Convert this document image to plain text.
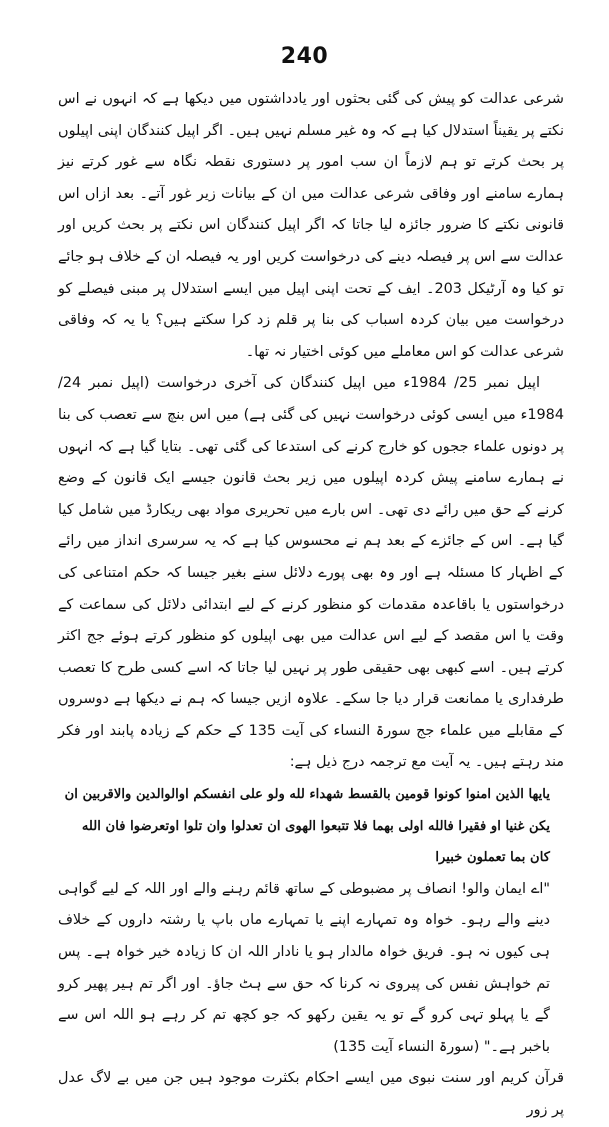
240

شرعی عدالت کو پیش کی گئی بحثوں اور یادداشتوں میں دیکھا ہے کہ انہوں نے اس نکتے پر یقیناً استدلال کیا ہے کہ وہ غیر مسلم نہیں ہیں۔ اگر اپیل کنندگان اپنی اپیلوں پر بحث کرتے تو ہم لازماً ان سب امور پر دستوری نقطہ نگاہ سے غور کرتے نیز ہمارے سامنے اور وفاقی شرعی عدالت میں ان کے بیانات زیر غور آتے۔ بعد ازاں اس قانونی نکتے کا ضرور جائزہ لیا جاتا کہ اگر اپیل کنندگان اس نکتے پر بحث کریں اور عدالت سے اس پر فیصلہ دینے کی درخواست کریں اور یہ فیصلہ ان کے خلاف ہو جائے تو کیا وہ آرٹیکل 203۔ ایف کے تحت اپنی اپیل میں ایسے استدلال پر مبنی فیصلے کو درخواست میں بیان کردہ اسباب کی بنا پر قلم زد کرا سکتے ہیں؟ یا یہ کہ وفاقی شرعی عدالت کو اس معاملے میں کوئی اختیار نہ تھا۔

اپیل نمبر 25/ 1984ء میں اپیل کنندگان کی آخری درخواست (اپیل نمبر 24/ 1984ء میں ایسی کوئی درخواست نہیں کی گئی ہے) میں اس بنچ سے تعصب کی بنا پر دونوں علماء ججوں کو خارج کرنے کی استدعا کی گئی تھی۔ بتایا گیا ہے کہ انہوں نے ہمارے سامنے پیش کردہ اپیلوں میں زیر بحث قانون جیسے ایک قانون کے وضع کرنے کے حق میں رائے دی تھی۔ اس بارے میں تحریری مواد بھی ریکارڈ میں شامل کیا گیا ہے۔ اس کے جائزے کے بعد ہم نے محسوس کیا ہے کہ یہ سرسری انداز میں رائے کے اظہار کا مسئلہ ہے اور وہ بھی پورے دلائل سنے بغیر جیسا کہ حکم امتناعی کی درخواستوں یا باقاعدہ مقدمات کو منظور کرنے کے لیے ابتدائی دلائل کی سماعت کے وقت یا اس مقصد کے لیے اس عدالت میں بھی اپیلوں کو منظور کرتے ہوئے جج اکثر کرتے ہیں۔ اسے کبھی بھی حقیقی طور پر نہیں لیا جاتا کہ اسے کسی طرح کا تعصب طرفداری یا ممانعت قرار دیا جا سکے۔ علاوہ ازیں جیسا کہ ہم نے دیکھا ہے دوسروں کے مقابلے میں علماء جج سورۃ النساء کی آیت 135 کے حکم کے زیادہ پابند اور فکر مند رہتے ہیں۔ یہ آیت مع ترجمہ درج ذیل ہے:

یایها الذین امنوا کونوا قومین بالقسط شهداء لله ولو علی انفسکم اوالوالدین والاقربین ان یکن غنیا او فقیرا فالله اولی بهما فلا تتبعوا الهوی ان تعدلوا وان تلوا اوتعرضوا فان الله کان بما تعملون خبیرا

"اے ایمان والو! انصاف پر مضبوطی کے ساتھ قائم رہنے والے اور اللہ کے لیے گواہی دینے والے رہو۔ خواہ وہ تمہارے اپنے یا تمہارے ماں باپ یا رشتہ داروں کے خلاف ہی کیوں نہ ہو۔ فریق خواہ مالدار ہو یا نادار اللہ ان کا زیادہ خیر خواہ ہے۔ پس تم خواہش نفس کی پیروی نہ کرنا کہ حق سے ہٹ جاؤ۔ اور اگر تم ہیر پھیر کرو گے یا پہلو تہی کرو گے تو یہ یقین رکھو کہ جو کچھ تم کر رہے ہو اللہ اس سے باخبر ہے۔" (سورۃ النساء آیت 135)

قرآن کریم اور سنت نبوی میں ایسے احکام بکثرت موجود ہیں جن میں بے لاگ عدل پر زور
